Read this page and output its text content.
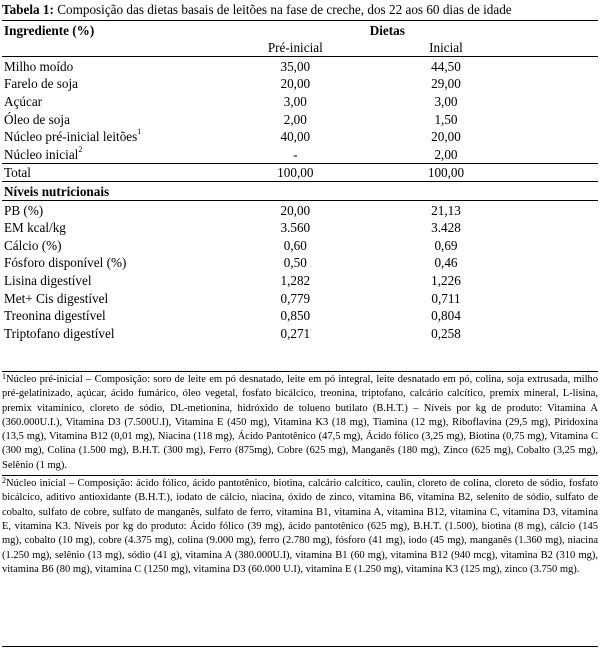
Tabela 1: Composição das dietas basais de leitões na fase de creche, dos 22 aos 60 dias de idade
Ingrediente (%)	Dietas	
	Pré-inicial	Inicial
Milho moído	35,00	44,50
Farelo de soja	20,00	29,00
Açúcar	3,00	3,00
Óleo de soja	2,00	1,50
Núcleo pré-inicial leitões$^1$	40,00	20,00
Núcleo inicial$^2$	-	2,00
Total	100,00	100,00
Níveis nutricionais		
PB (%)	20,00	21,13
EM kcal/kg	3.560	3.428
Cálcio (%)	0,60	0,69
Fósforo disponível (%)	0,50	0,46
Lisina digestível	1,282	1,226
Met+ Cis digestível	0,779	0,711
Treonina digestível	0,850	0,804
Triptofano digestível	0,271	0,258

$^1$Núcleo pré-inicial – Composição: soro de leite em pó desnatado, leite em pó integral, leite desnatado em pó, colina, soja extrusada, milho pré-gelatinizado, açúcar, ácido fumárico, óleo vegetal, fosfato bicálcico, treonina, triptofano, calcário calcítico, premix mineral, L-lisina, premix vitamínico, cloreto de sódio, DL-metionina, hidróxido de tolueno butilato (B.H.T.) – Níveis por kg de produto: Vitamina A (360.000U.I.), Vitamina D3 (7.500U.I), Vitamina E (450 mg), Vitamina K3 (18 mg), Tiamina (12 mg), Riboflavina (29,5 mg), Piridoxina (13,5 mg), Vitamina B12 (0,01 mg), Niacina (118 mg), Ácido Pantotênico (47,5 mg), Ácido fólico (3,25 mg), Biotina (0,75 mg), Vitamina C (300 mg), Colina (1.500 mg), B.H.T. (300 mg), Ferro (875mg), Cobre (625 mg), Manganês (180 mg), Zinco (625 mg), Cobalto (3,25 mg), Selênio (1 mg).

$^2$Núcleo inicial – Composição: ácido fólico, ácido pantotênico, biotina, calcário calcítico, caulin, cloreto de colina, cloreto de sódio, fosfato bicálcico, aditivo antioxidante (B.H.T.), iodato de cálcio, niacina, óxido de zinco, vitamina B6, vitamina B2, selenito de sódio, sulfato de cobalto, sulfato de cobre, sulfato de manganês, sulfato de ferro, vitamina B1, vitamina A, vitamina B12, vitamina C, vitamina D3, vitamina E, vitamina K3. Níveis por kg do produto: Ácido fólico (39 mg), ácido pantotênico (625 mg), B.H.T. (1.500), biotina (8 mg), cálcio (145 mg), cobalto (10 mg), cobre (4.375 mg), colina (9.000 mg), ferro (2.780 mg), fósforo (41 mg), iodo (45 mg), manganês (1.360 mg), niacina (1.250 mg), selênio (13 mg), sódio (41 g), vitamina A (380.000U.I), vitamina B1 (60 mg), vitamina B12 (940 mcg), vitamina B2 (310 mg), vitamina B6 (80 mg), vitamina C (1250 mg), vitamina D3 (60.000 U.I), vitamina E (1.250 mg), vitamina K3 (125 mg), zinco (3.750 mg).
